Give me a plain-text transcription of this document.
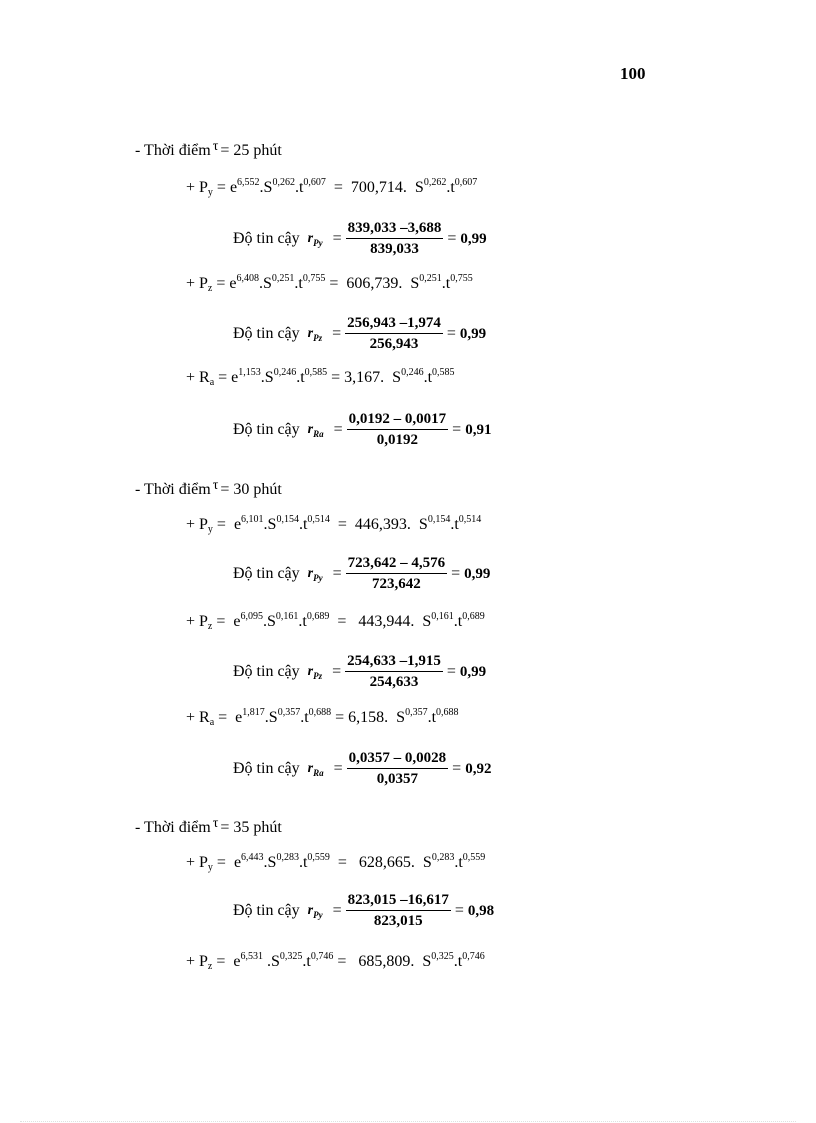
100
- Thời điểm τ = 25 phút
+ $P_y = e^{6,552}.S^{0,262}.t^{0,607} = 700,714$.  $S^{0,262}.t^{0,607}$
Độ tin cậy $r_{Py} = \frac{839,033 -3,688}{839,033} = 0,99$
+ $P_z = e^{6,408}.S^{0,251}.t^{0,755} = 606,739$.  $S^{0,251}.t^{0,755}$
Độ tin cậy $r_{Pz} = \frac{256,943 -1,974}{256,943} = 0,99$
+ $R_a = e^{1,153}.S^{0,246}.t^{0,585} = 3,167$.  $S^{0,246}.t^{0,585}$
Độ tin cậy $r_{Ra} = \frac{0,0192 - 0,0017}{0,0192} = 0,91$
- Thời điểm τ = 30 phút
+ $P_y = e^{6,101}.S^{0,154}.t^{0,514} = 446,393$.  $S^{0,154}.t^{0,514}$
Độ tin cậy $r_{Py} = \frac{723,642 - 4,576}{723,642} = 0,99$
+ $P_z = e^{6,095}.S^{0,161}.t^{0,689} = 443,944$.  $S^{0,161}.t^{0,689}$
Độ tin cậy $r_{Pz} = \frac{254,633 -1,915}{254,633} = 0,99$
+ $R_a = e^{1,817}.S^{0,357}.t^{0,688} = 6,158$.  $S^{0,357}.t^{0,688}$
Độ tin cậy $r_{Ra} = \frac{0,0357 - 0,0028}{0,0357} = 0,92$
- Thời điểm τ = 35 phút
+ $P_y = e^{6,443}.S^{0,283}.t^{0,559} = 628,665$.  $S^{0,283}.t^{0,559}$
Độ tin cậy $r_{Py} = \frac{823,015 -16,617}{823,015} = 0,98$
+ $P_z = e^{6,531}$ $.S^{0,325}.t^{0,746} = 685,809$.  $S^{0,325}.t^{0,746}$
